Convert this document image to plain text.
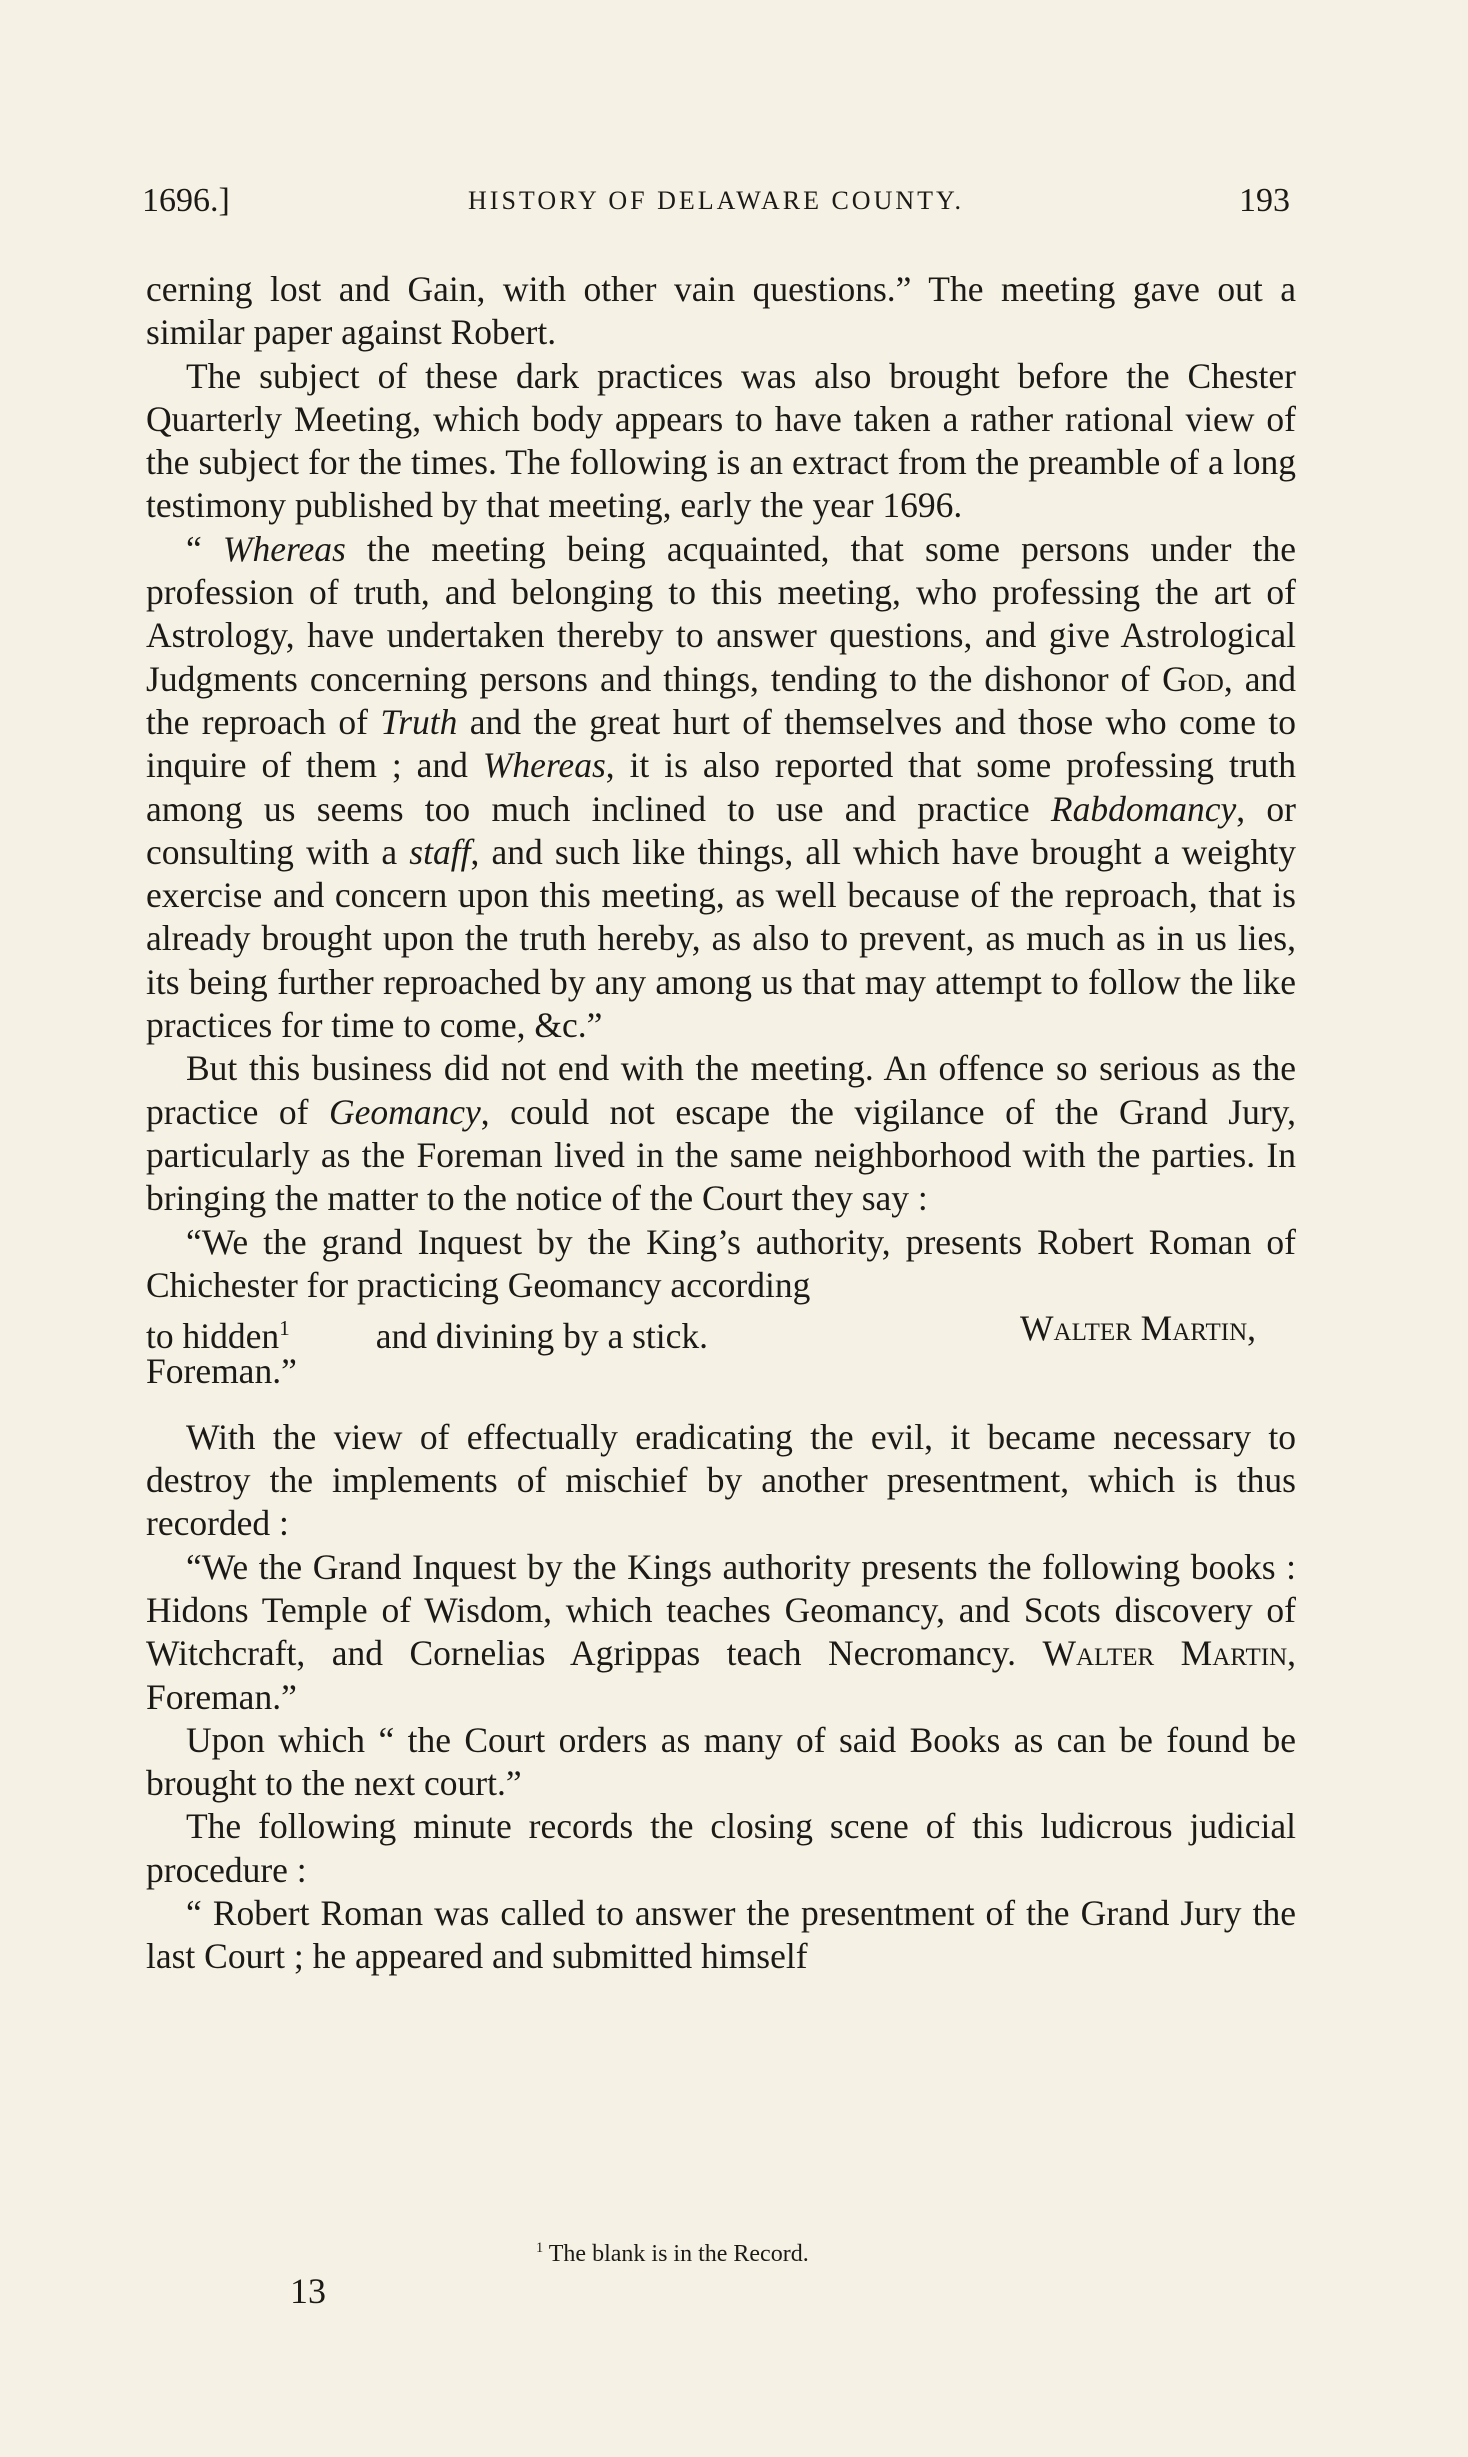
1696.]	HISTORY OF DELAWARE COUNTY.	193

cerning lost and Gain, with other vain questions.” The meeting gave out a similar paper against Robert.

The subject of these dark practices was also brought before the Chester Quarterly Meeting, which body appears to have taken a rather rational view of the subject for the times. The following is an extract from the preamble of a long testimony published by that meeting, early the year 1696.

“ Whereas the meeting being acquainted, that some persons under the profession of truth, and belonging to this meeting, who professing the art of Astrology, have undertaken thereby to answer questions, and give Astrological Judgments concerning persons and things, tending to the dishonor of God, and the reproach of Truth and the great hurt of themselves and those who come to inquire of them ; and Whereas, it is also reported that some professing truth among us seems too much inclined to use and practice Rabdomancy, or consulting with a staff, and such like things, all which have brought a weighty exercise and concern upon this meeting, as well because of the reproach, that is already brought upon the truth hereby, as also to prevent, as much as in us lies, its being further reproached by any among us that may attempt to follow the like practices for time to come, &c.”

But this business did not end with the meeting. An offence so serious as the practice of Geomancy, could not escape the vigilance of the Grand Jury, particularly as the Foreman lived in the same neighborhood with the parties. In bringing the matter to the notice of the Court they say :

“We the grand Inquest by the King’s authority, presents Robert Roman of Chichester for practicing Geomancy according

to hidden$^1$ and divining by a stick.	Walter Martin,

Foreman.”

With the view of effectually eradicating the evil, it became necessary to destroy the implements of mischief by another presentment, which is thus recorded :

“We the Grand Inquest by the Kings authority presents the following books : Hidons Temple of Wisdom, which teaches Geomancy, and Scots discovery of Witchcraft, and Cornelias Agrippas teach Necromancy. Walter Martin, Foreman.”

Upon which “ the Court orders as many of said Books as can be found be brought to the next court.”

The following minute records the closing scene of this ludicrous judicial procedure :

“ Robert Roman was called to answer the presentment of the Grand Jury the last Court ; he appeared and submitted himself

$^1$ The blank is in the Record.
13
